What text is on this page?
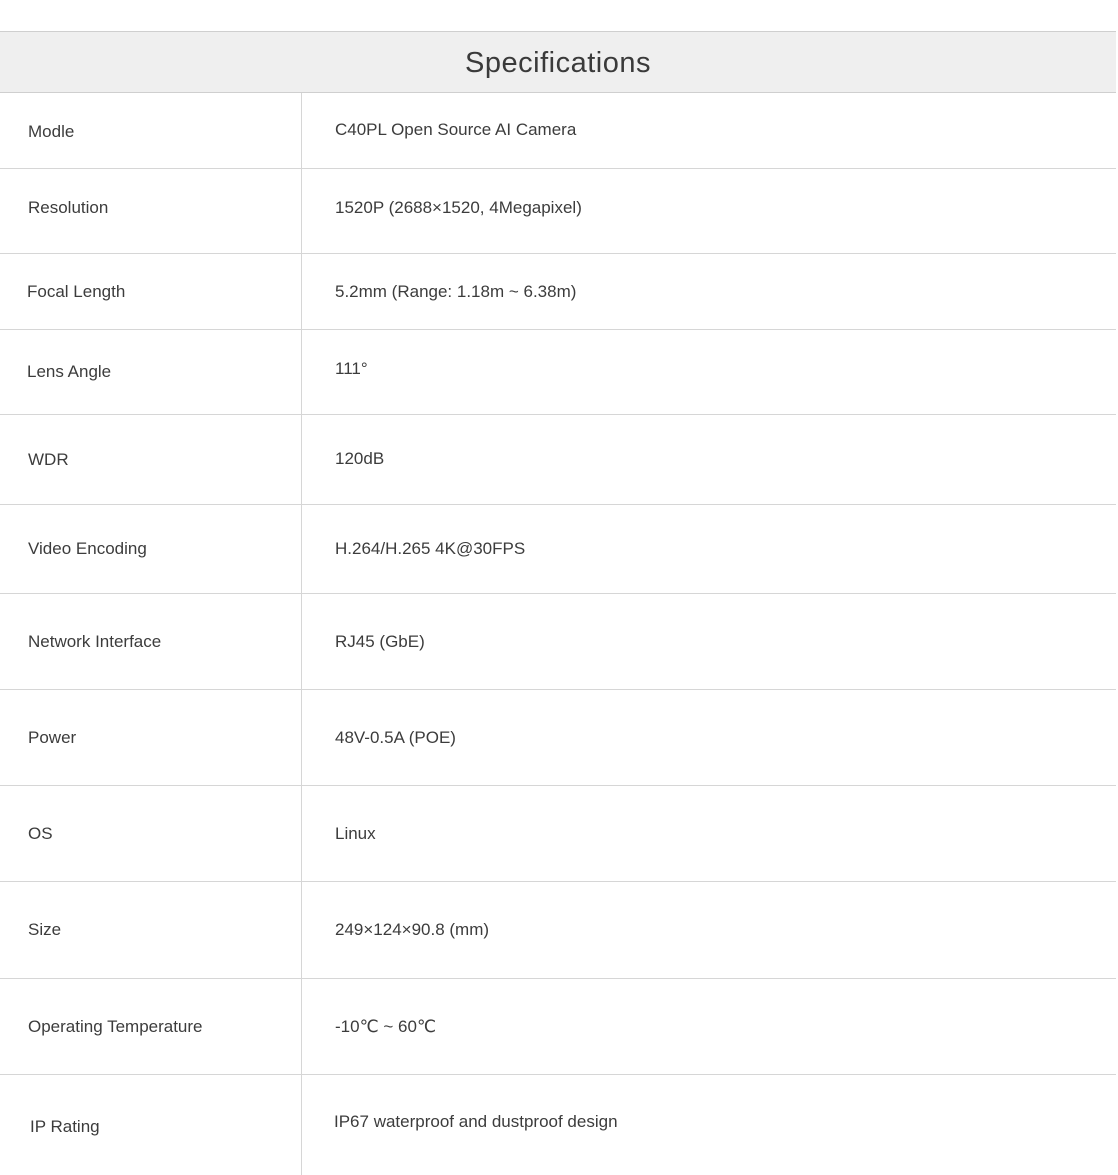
Specifications
Modle	C40PL Open Source AI Camera
Resolution	1520P (2688×1520, 4Megapixel)
Focal Length	5.2mm (Range: 1.18m ~ 6.38m)
Lens Angle	111°
WDR	120dB
Video Encoding	H.264/H.265 4K@30FPS
Network Interface	RJ45 (GbE)
Power	48V-0.5A (POE)
OS	Linux
Size	249×124×90.8 (mm)
Operating Temperature	-10℃ ~ 60℃
IP Rating	IP67 waterproof and dustproof design
